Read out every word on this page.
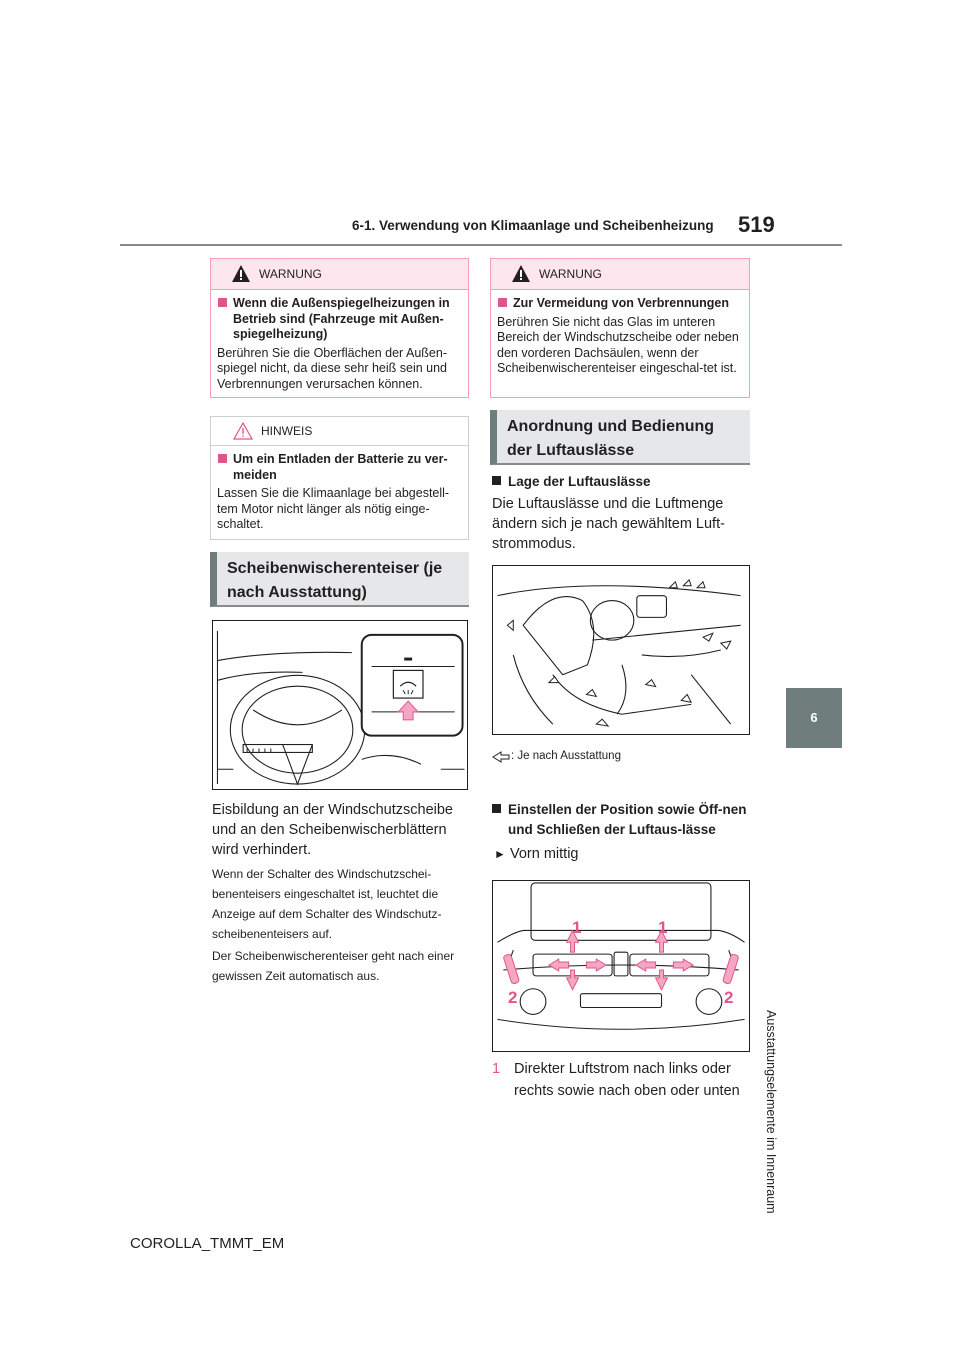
6-1. Verwendung von Klimaanlage und Scheibenheizung 519
6
Ausstattungselemente im Innenraum
WARNUNG
Wenn die Außenspiegelheizungen in Betrieb sind (Fahrzeuge mit Außen-spiegelheizung)
Berühren Sie die Oberflächen der Außen-spiegel nicht, da diese sehr heiß sein und Verbrennungen verursachen können.
HINWEIS
Um ein Entladen der Batterie zu ver-meiden
Lassen Sie die Klimaanlage bei abgestell-tem Motor nicht länger als nötig einge-schaltet.
Scheibenwischerenteiser (je nach Ausstattung)
Eisbildung an der Windschutzscheibe und an den Scheibenwischerblättern wird verhindert.
Wenn der Schalter des Windschutzschei-benenteisers eingeschaltet ist, leuchtet die Anzeige auf dem Schalter des Windschutz-scheibenenteisers auf.
Der Scheibenwischerenteiser geht nach einer gewissen Zeit automatisch aus.
WARNUNG
Zur Vermeidung von Verbrennungen
Berühren Sie nicht das Glas im unteren Bereich der Windschutzscheibe oder neben den vorderen Dachsäulen, wenn der Scheibenwischerenteiser eingeschal-tet ist.
Anordnung und Bedienung der Luftauslässe
Lage der Luftauslässe
Die Luftauslässe und die Luftmenge ändern sich je nach gewähltem Luft-strommodus.
: Je nach Ausstattung
Einstellen der Position sowie Öff-nen und Schließen der Luftaus-lässe
► Vorn mittig
1	1
2	2
1 Direkter Luftstrom nach links oder rechts sowie nach oben oder unten
COROLLA_TMMT_EM
